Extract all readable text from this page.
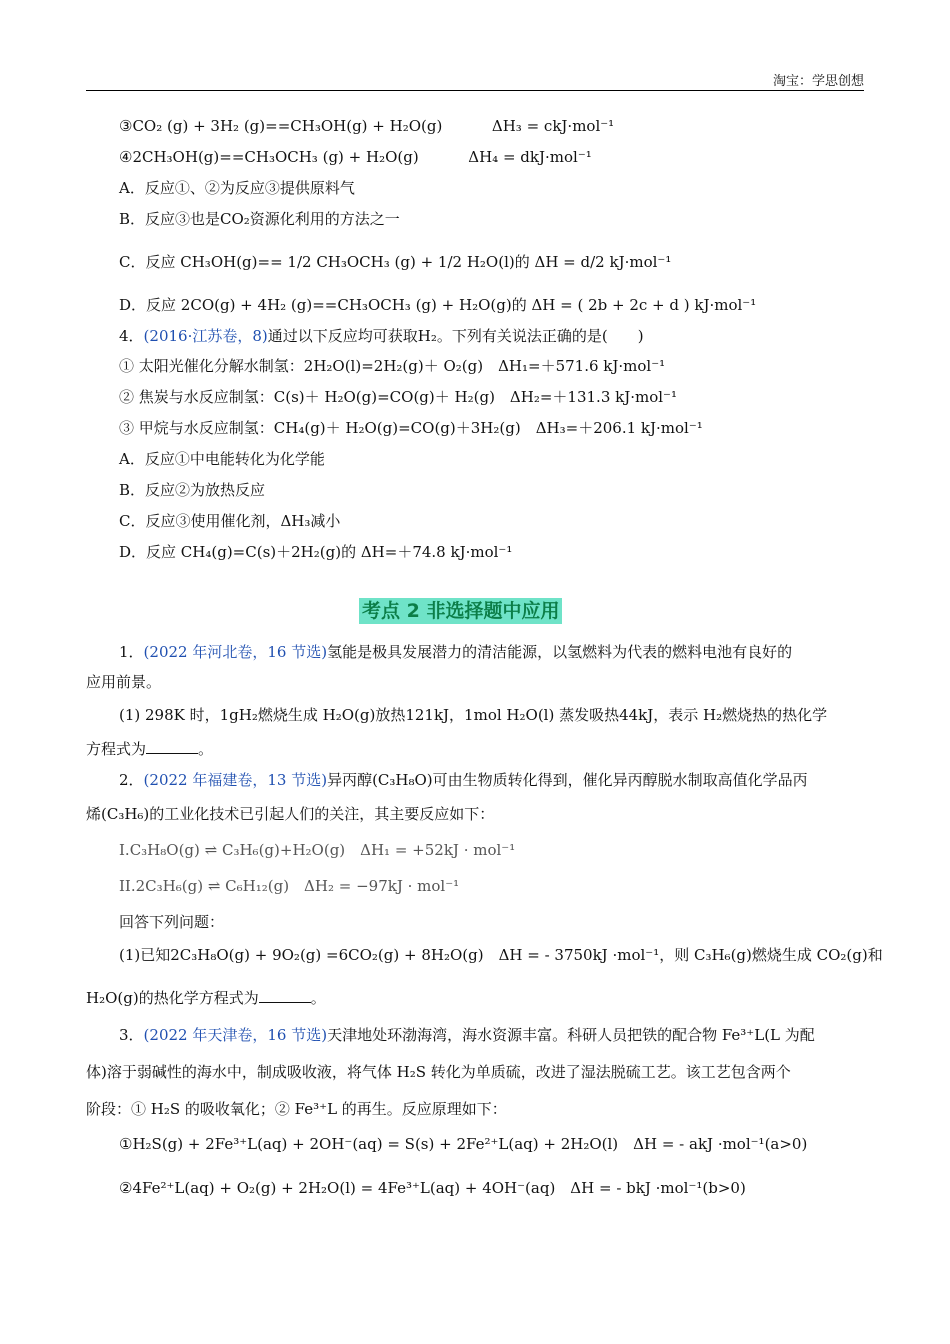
淘宝：学思创想
③CO₂ (g) + 3H₂ (g)==CH₃OH(g) + H₂O(g)	ΔH₃ = ckJ·mol⁻¹
④2CH₃OH(g)==CH₃OCH₃ (g) + H₂O(g)	ΔH₄ = dkJ·mol⁻¹
A．反应①、②为反应③提供原料气
B．反应③也是CO₂资源化利用的方法之一
C．反应 CH₃OH(g)== 1/2 CH₃OCH₃ (g) + 1/2 H₂O(l)的 ΔH = d/2 kJ·mol⁻¹
D．反应 2CO(g) + 4H₂ (g)==CH₃OCH₃ (g) + H₂O(g)的 ΔH = ( 2b + 2c + d ) kJ·mol⁻¹
4．(2016·江苏卷，8)通过以下反应均可获取H₂。下列有关说法正确的是(　　)
① 太阳光催化分解水制氢：2H₂O(l)=2H₂(g)＋ O₂(g)　ΔH₁=＋571.6 kJ·mol⁻¹
② 焦炭与水反应制氢：C(s)＋ H₂O(g)=CO(g)＋ H₂(g)　ΔH₂=＋131.3 kJ·mol⁻¹
③ 甲烷与水反应制氢：CH₄(g)＋ H₂O(g)=CO(g)＋3H₂(g)　ΔH₃=＋206.1 kJ·mol⁻¹
A．反应①中电能转化为化学能
B．反应②为放热反应
C．反应③使用催化剂，ΔH₃减小
D．反应 CH₄(g)=C(s)＋2H₂(g)的 ΔH=＋74.8 kJ·mol⁻¹
考点 2 非选择题中应用
1．(2022 年河北卷，16 节选)氢能是极具发展潜力的清洁能源，以氢燃料为代表的燃料电池有良好的
应用前景。
(1) 298K 时，1gH₂燃烧生成 H₂O(g)放热121kJ，1mol H₂O(l) 蒸发吸热44kJ，表示 H₂燃烧热的热化学
方程式为	。
2．(2022 年福建卷，13 节选)异丙醇(C₃H₈O)可由生物质转化得到，催化异丙醇脱水制取高值化学品丙
烯(C₃H₆)的工业化技术已引起人们的关注，其主要反应如下：
I.C₃H₈O(g) ⇌ C₃H₆(g)+H₂O(g)　ΔH₁ = +52kJ · mol⁻¹
II.2C₃H₆(g) ⇌ C₆H₁₂(g)　ΔH₂ = −97kJ · mol⁻¹
回答下列问题：
(1)已知2C₃H₈O(g) + 9O₂(g) =6CO₂(g) + 8H₂O(g)　ΔH = - 3750kJ ·mol⁻¹，则 C₃H₆(g)燃烧生成 CO₂(g)和
H₂O(g)的热化学方程式为	。
3．(2022 年天津卷，16 节选)天津地处环渤海湾，海水资源丰富。科研人员把铁的配合物 Fe³⁺L(L 为配
体)溶于弱碱性的海水中，制成吸收液，将气体 H₂S 转化为单质硫，改进了湿法脱硫工艺。该工艺包含两个
阶段：① H₂S 的吸收氧化；② Fe³⁺L 的再生。反应原理如下：
①H₂S(g) + 2Fe³⁺L(aq) + 2OH⁻(aq) = S(s) + 2Fe²⁺L(aq) + 2H₂O(l)　ΔH = - akJ ·mol⁻¹(a>0)
②4Fe²⁺L(aq) + O₂(g) + 2H₂O(l) = 4Fe³⁺L(aq) + 4OH⁻(aq)　ΔH = - bkJ ·mol⁻¹(b>0)
